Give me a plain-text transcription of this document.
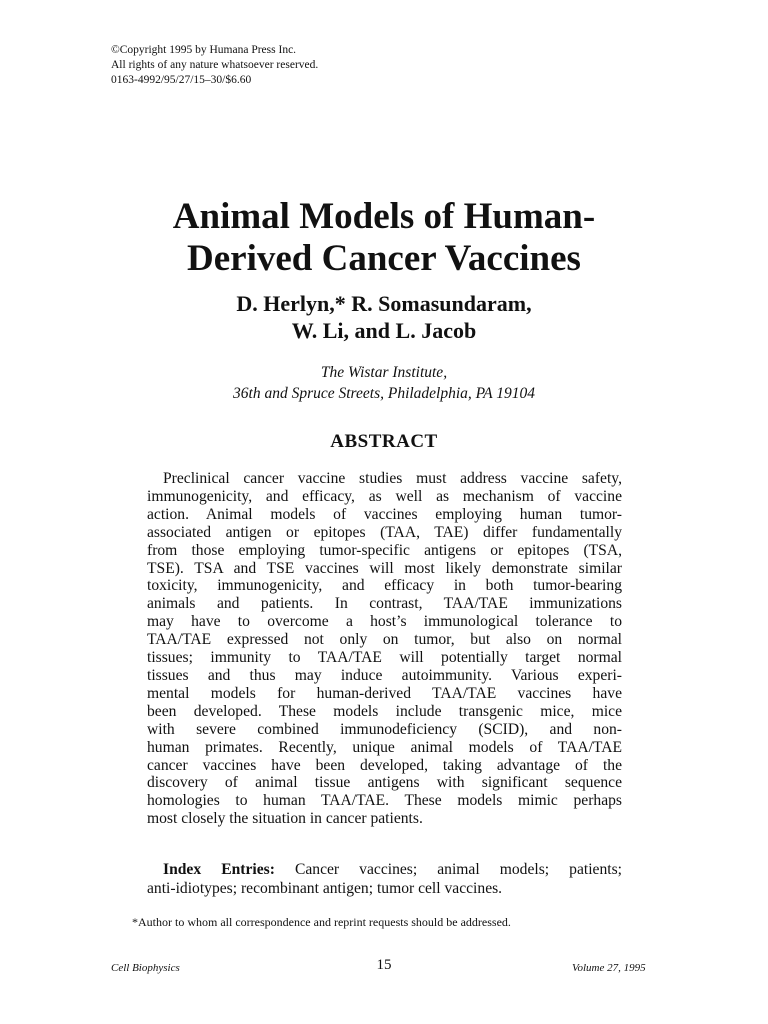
©Copyright 1995 by Humana Press Inc.
All rights of any nature whatsoever reserved.
0163-4992/95/27/15–30/$6.60
Animal Models of Human-
Derived Cancer Vaccines
D. Herlyn,* R. Somasundaram,
W. Li, and L. Jacob
The Wistar Institute,
36th and Spruce Streets, Philadelphia, PA 19104
ABSTRACT
Preclinical cancer vaccine studies must address vaccine safety,
immunogenicity, and efficacy, as well as mechanism of vaccine
action. Animal models of vaccines employing human tumor-
associated antigen or epitopes (TAA, TAE) differ fundamentally
from those employing tumor-specific antigens or epitopes (TSA,
TSE). TSA and TSE vaccines will most likely demonstrate similar
toxicity, immunogenicity, and efficacy in both tumor-bearing
animals and patients. In contrast, TAA/TAE immunizations
may have to overcome a host’s immunological tolerance to
TAA/TAE expressed not only on tumor, but also on normal
tissues; immunity to TAA/TAE will potentially target normal
tissues and thus may induce autoimmunity. Various experi-
mental models for human-derived TAA/TAE vaccines have
been developed. These models include transgenic mice, mice
with severe combined immunodeficiency (SCID), and non-
human primates. Recently, unique animal models of TAA/TAE
cancer vaccines have been developed, taking advantage of the
discovery of animal tissue antigens with significant sequence
homologies to human TAA/TAE. These models mimic perhaps
most closely the situation in cancer patients.
Index Entries: Cancer vaccines; animal models; patients;
anti-idiotypes; recombinant antigen; tumor cell vaccines.
*Author to whom all correspondence and reprint requests should be addressed.
Cell Biophysics	15	Volume 27, 1995
